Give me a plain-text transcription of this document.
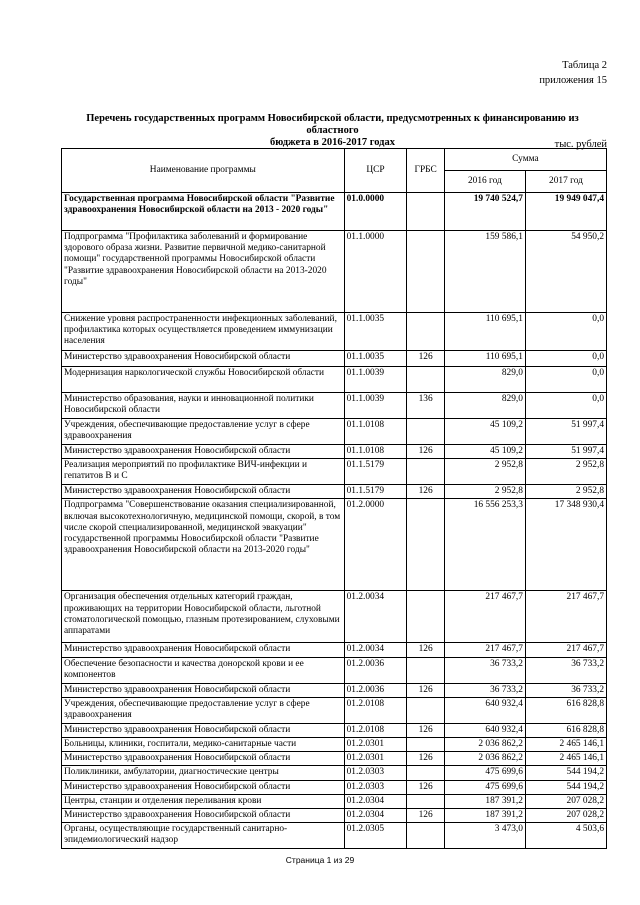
Таблица 2
приложения 15
Перечень государственных программ Новосибирской области, предусмотренных к финансированию из областного
бюджета в 2016-2017 годах	тыс. рублей
Наименование программы	ЦСР	ГРБС	Сумма	
			2016 год	2017 год
Государственная программа Новосибирской области "Развитие здравоохранения Новосибирской области на 2013 - 2020 годы"	01.0.0000		19 740 524,7	19 949 047,4
Подпрограмма "Профилактика заболеваний и формирование здорового образа жизни. Развитие первичной медико-санитарной помощи" государственной программы Новосибирской области "Развитие здравоохранения Новосибирской области на 2013-2020 годы"	01.1.0000		159 586,1	54 950,2
Снижение уровня распространенности инфекционных заболеваний, профилактика которых осуществляется проведением иммунизации населения	01.1.0035		110 695,1	0,0
Министерство здравоохранения Новосибирской области	01.1.0035	126	110 695,1	0,0
Модернизация наркологической службы Новосибирской области	01.1.0039		829,0	0,0
Министерство образования, науки и инновационной политики Новосибирской области	01.1.0039	136	829,0	0,0
Учреждения, обеспечивающие предоставление услуг в сфере здравоохранения	01.1.0108		45 109,2	51 997,4
Министерство здравоохранения Новосибирской области	01.1.0108	126	45 109,2	51 997,4
Реализация мероприятий по профилактике ВИЧ-инфекции и гепатитов В и С	01.1.5179		2 952,8	2 952,8
Министерство здравоохранения Новосибирской области	01.1.5179	126	2 952,8	2 952,8
Подпрограмма "Совершенствование оказания специализированной, включая высокотехнологичную, медицинской помощи, скорой, в том числе скорой специализированной, медицинской эвакуации" государственной программы Новосибирской области "Развитие здравоохранения Новосибирской области на 2013-2020 годы"	01.2.0000		16 556 253,3	17 348 930,4
Организация обеспечения отдельных категорий граждан, проживающих на территории Новосибирской области, льготной стоматологической помощью, глазным протезированием, слуховыми аппаратами	01.2.0034		217 467,7	217 467,7
Министерство здравоохранения Новосибирской области	01.2.0034	126	217 467,7	217 467,7
Обеспечение безопасности и качества донорской крови и ее компонентов	01.2.0036		36 733,2	36 733,2
Министерство здравоохранения Новосибирской области	01.2.0036	126	36 733,2	36 733,2
Учреждения, обеспечивающие предоставление услуг в сфере здравоохранения	01.2.0108		640 932,4	616 828,8
Министерство здравоохранения Новосибирской области	01.2.0108	126	640 932,4	616 828,8
Больницы, клиники, госпитали, медико-санитарные части	01.2.0301		2 036 862,2	2 465 146,1
Министерство здравоохранения Новосибирской области	01.2.0301	126	2 036 862,2	2 465 146,1
Поликлиники, амбулатории, диагностические центры	01.2.0303		475 699,6	544 194,2
Министерство здравоохранения Новосибирской области	01.2.0303	126	475 699,6	544 194,2
Центры, станции и отделения переливания крови	01.2.0304		187 391,2	207 028,2
Министерство здравоохранения Новосибирской области	01.2.0304	126	187 391,2	207 028,2
Органы, осуществляющие государственный санитарно-эпидемиологический надзор	01.2.0305		3 473,0	4 503,6
Страница 1 из 29
